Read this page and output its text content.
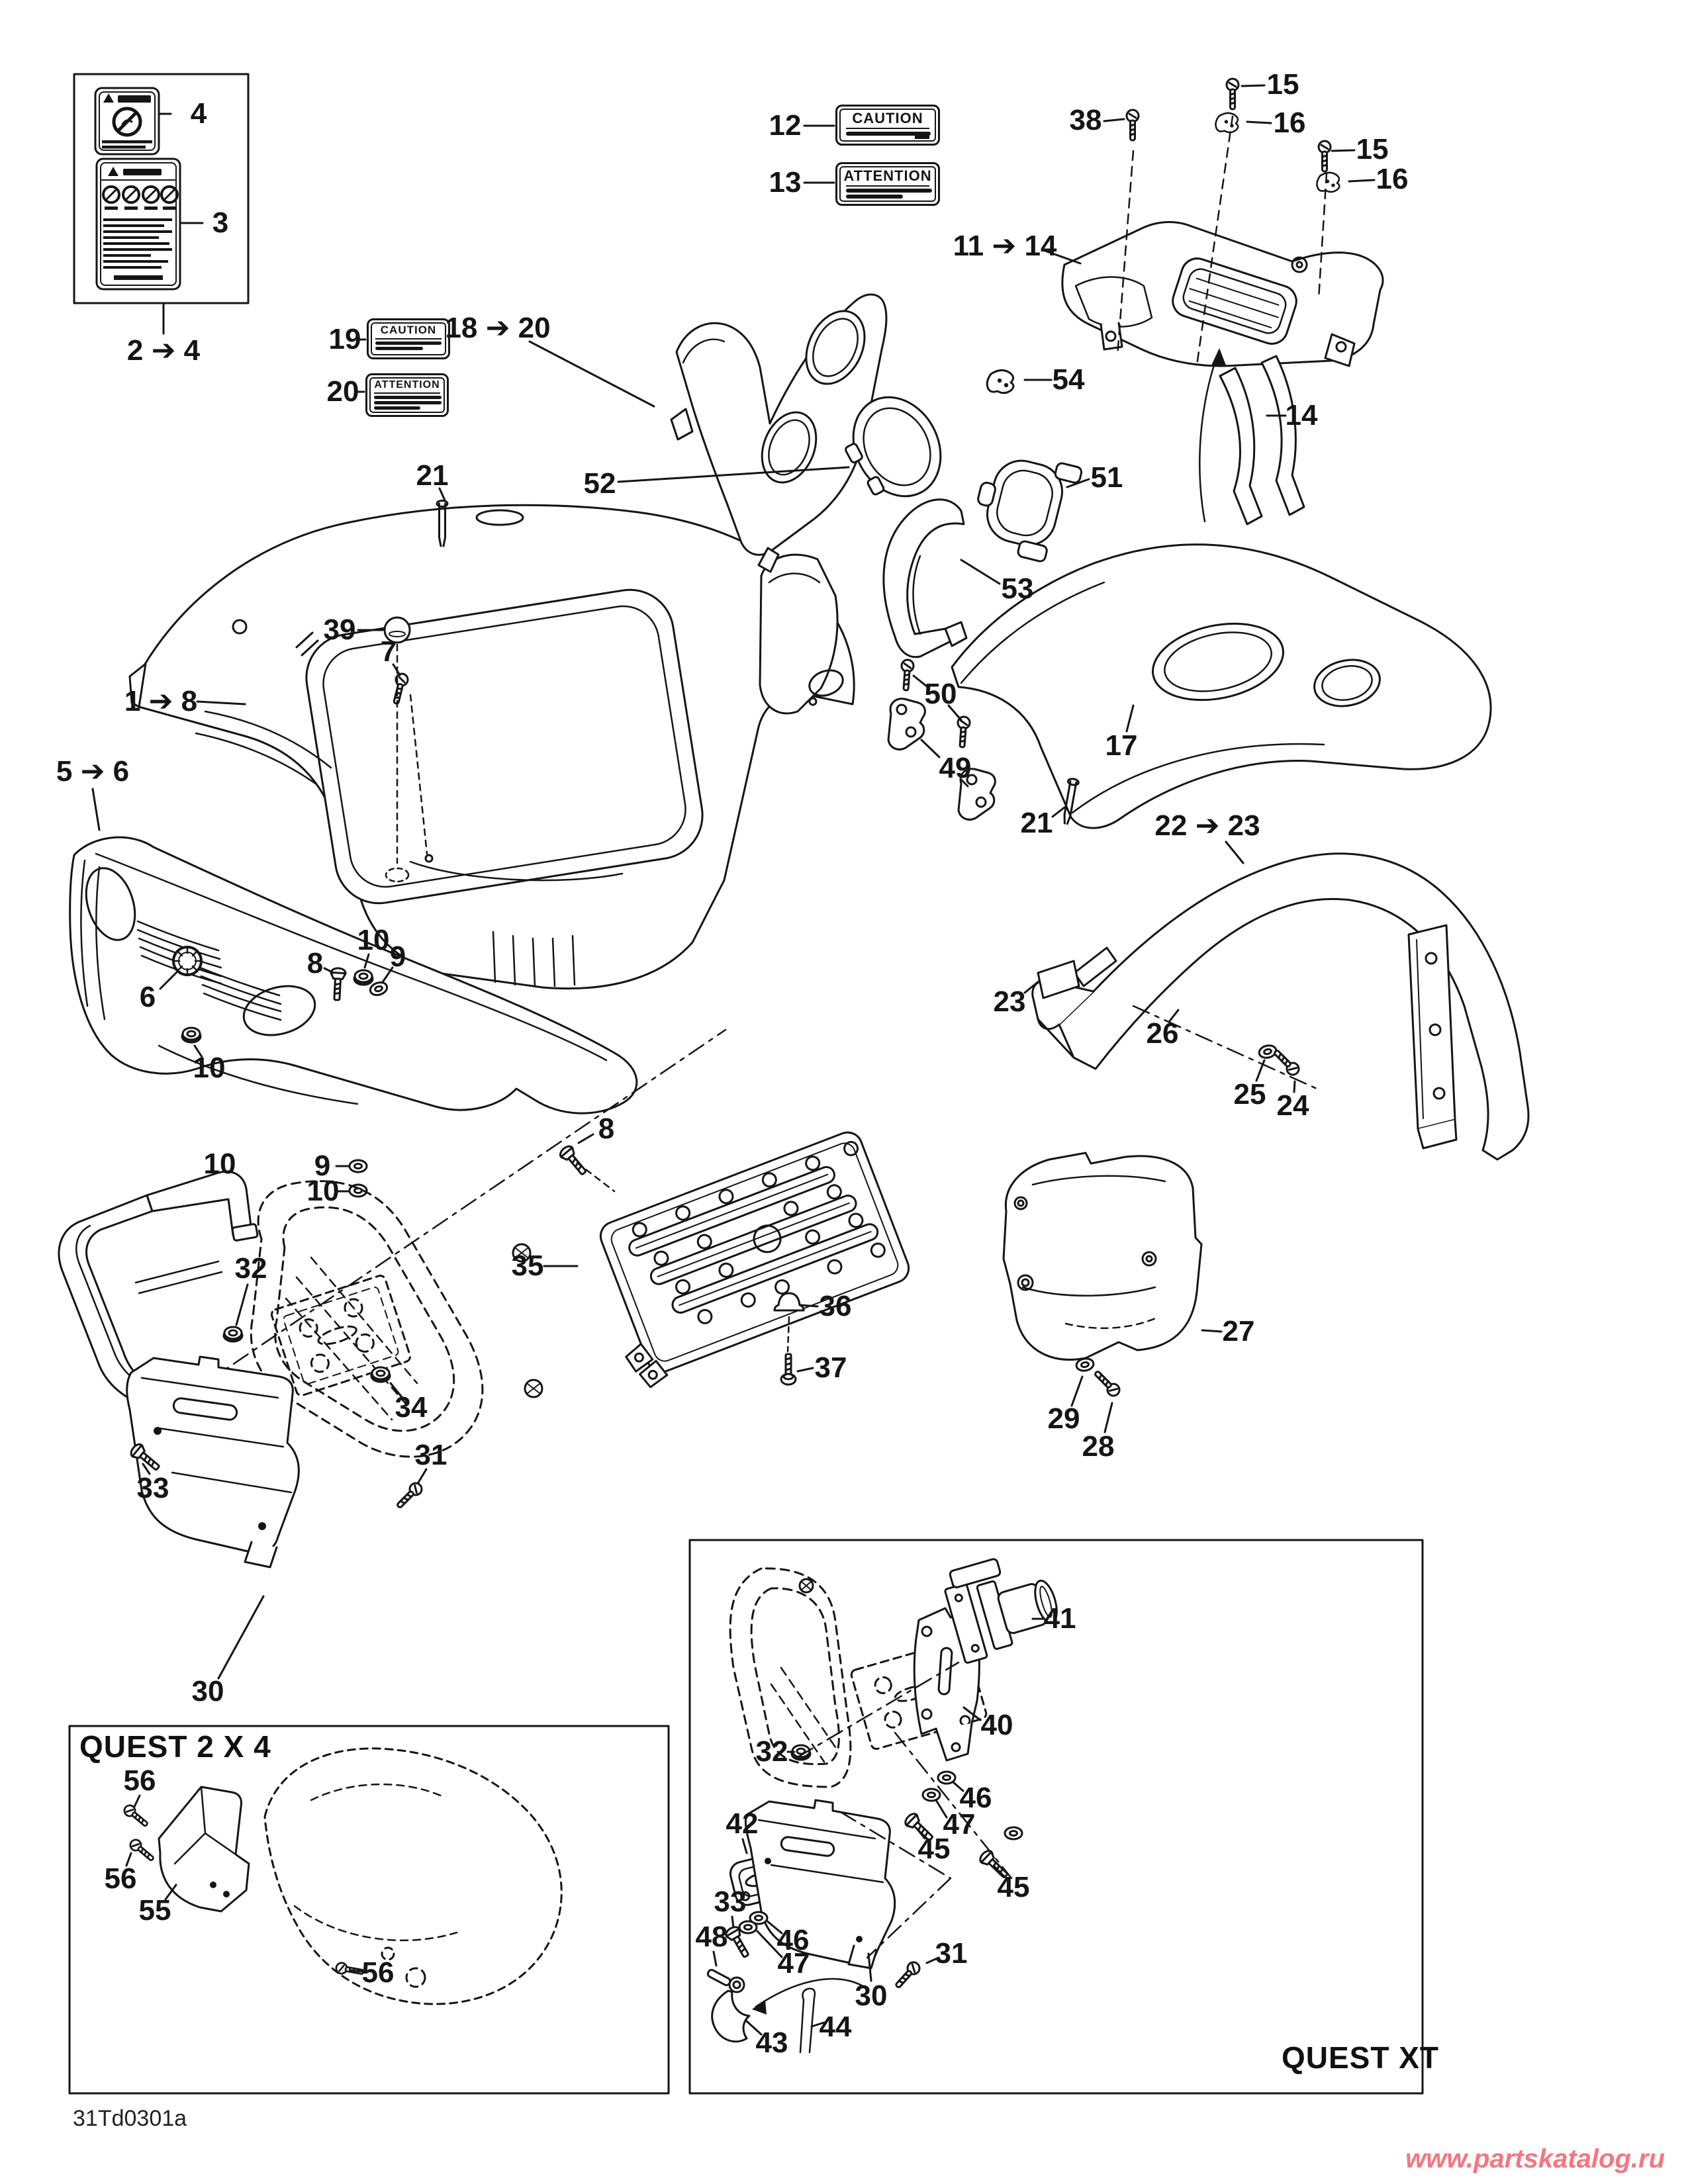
CAUTION
ATTENTION
CAUTION
ATTENTION
QUEST 2 X 4
QUEST XT
31Td0301a
www.partskatalog.ru
4
3
2 ➔ 4
12
13
19
20
18 ➔ 20
38
15
16
15
16
11 ➔ 14
14
54
52	51
53
21
39
1 ➔ 8
7
5 ➔ 6
6
8
10
9
10
10	9
10
8
35
36
37
32
33
34
30
31
22 ➔ 23
23
26
25 24
17
50
49
21
27
29
28
41
40
46
47
45
32
42
33
48 46
47
43 44
30
31
45
56
56
55
56
